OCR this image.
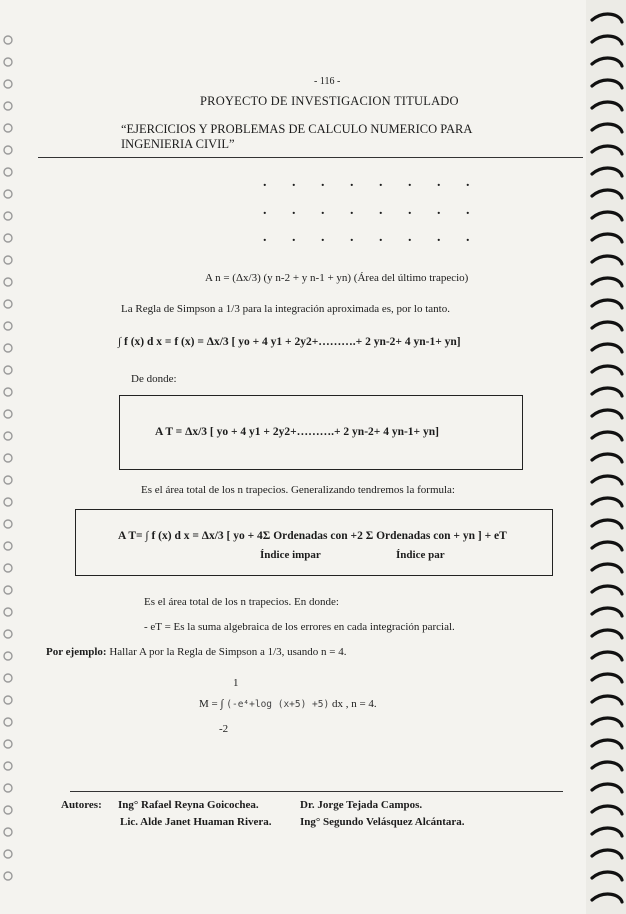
- 116 -
PROYECTO DE INVESTIGACION TITULADO
“EJERCICIOS Y PROBLEMAS DE CALCULO NUMERICO PARA INGENIERIA CIVIL”
. . . . . . . .
. . . . . . . .
. . . . . . . .
A n = (Δx/3) (y n-2 + y n-1 + yn) (Área del último trapecio)
La Regla de Simpson a 1/3 para la integración aproximada es, por lo tanto.
∫ f (x) d x = f (x) = Δx/3 [ yo + 4 y1 + 2y2+……….+ 2 yn-2+ 4 yn-1+ yn]
De donde:
A T = Δx/3 [ yo + 4 y1 + 2y2+……….+ 2 yn-2+ 4 yn-1+ yn]
Es el área total de los n trapecios. Generalizando tendremos la formula:
A T= ∫ f (x) d x = Δx/3 [ yo + 4Σ Ordenadas con +2 Σ Ordenadas con + yn ] + eT
Índice impar	Índice par
Es el área total de los n trapecios. En donde:
- eT = Es la suma algebraica de los errores en cada integración parcial.
Por ejemplo: Hallar A por la Regla de Simpson a 1/3, usando n = 4.
1
M = ∫ (-e⁴+log (x+5) +5) dx , n = 4.
-2
Autores: Ing° Rafael Reyna Goicochea.
Lic. Alde Janet Huaman Rivera.
Dr. Jorge Tejada Campos.
Ing° Segundo Velásquez Alcántara.
